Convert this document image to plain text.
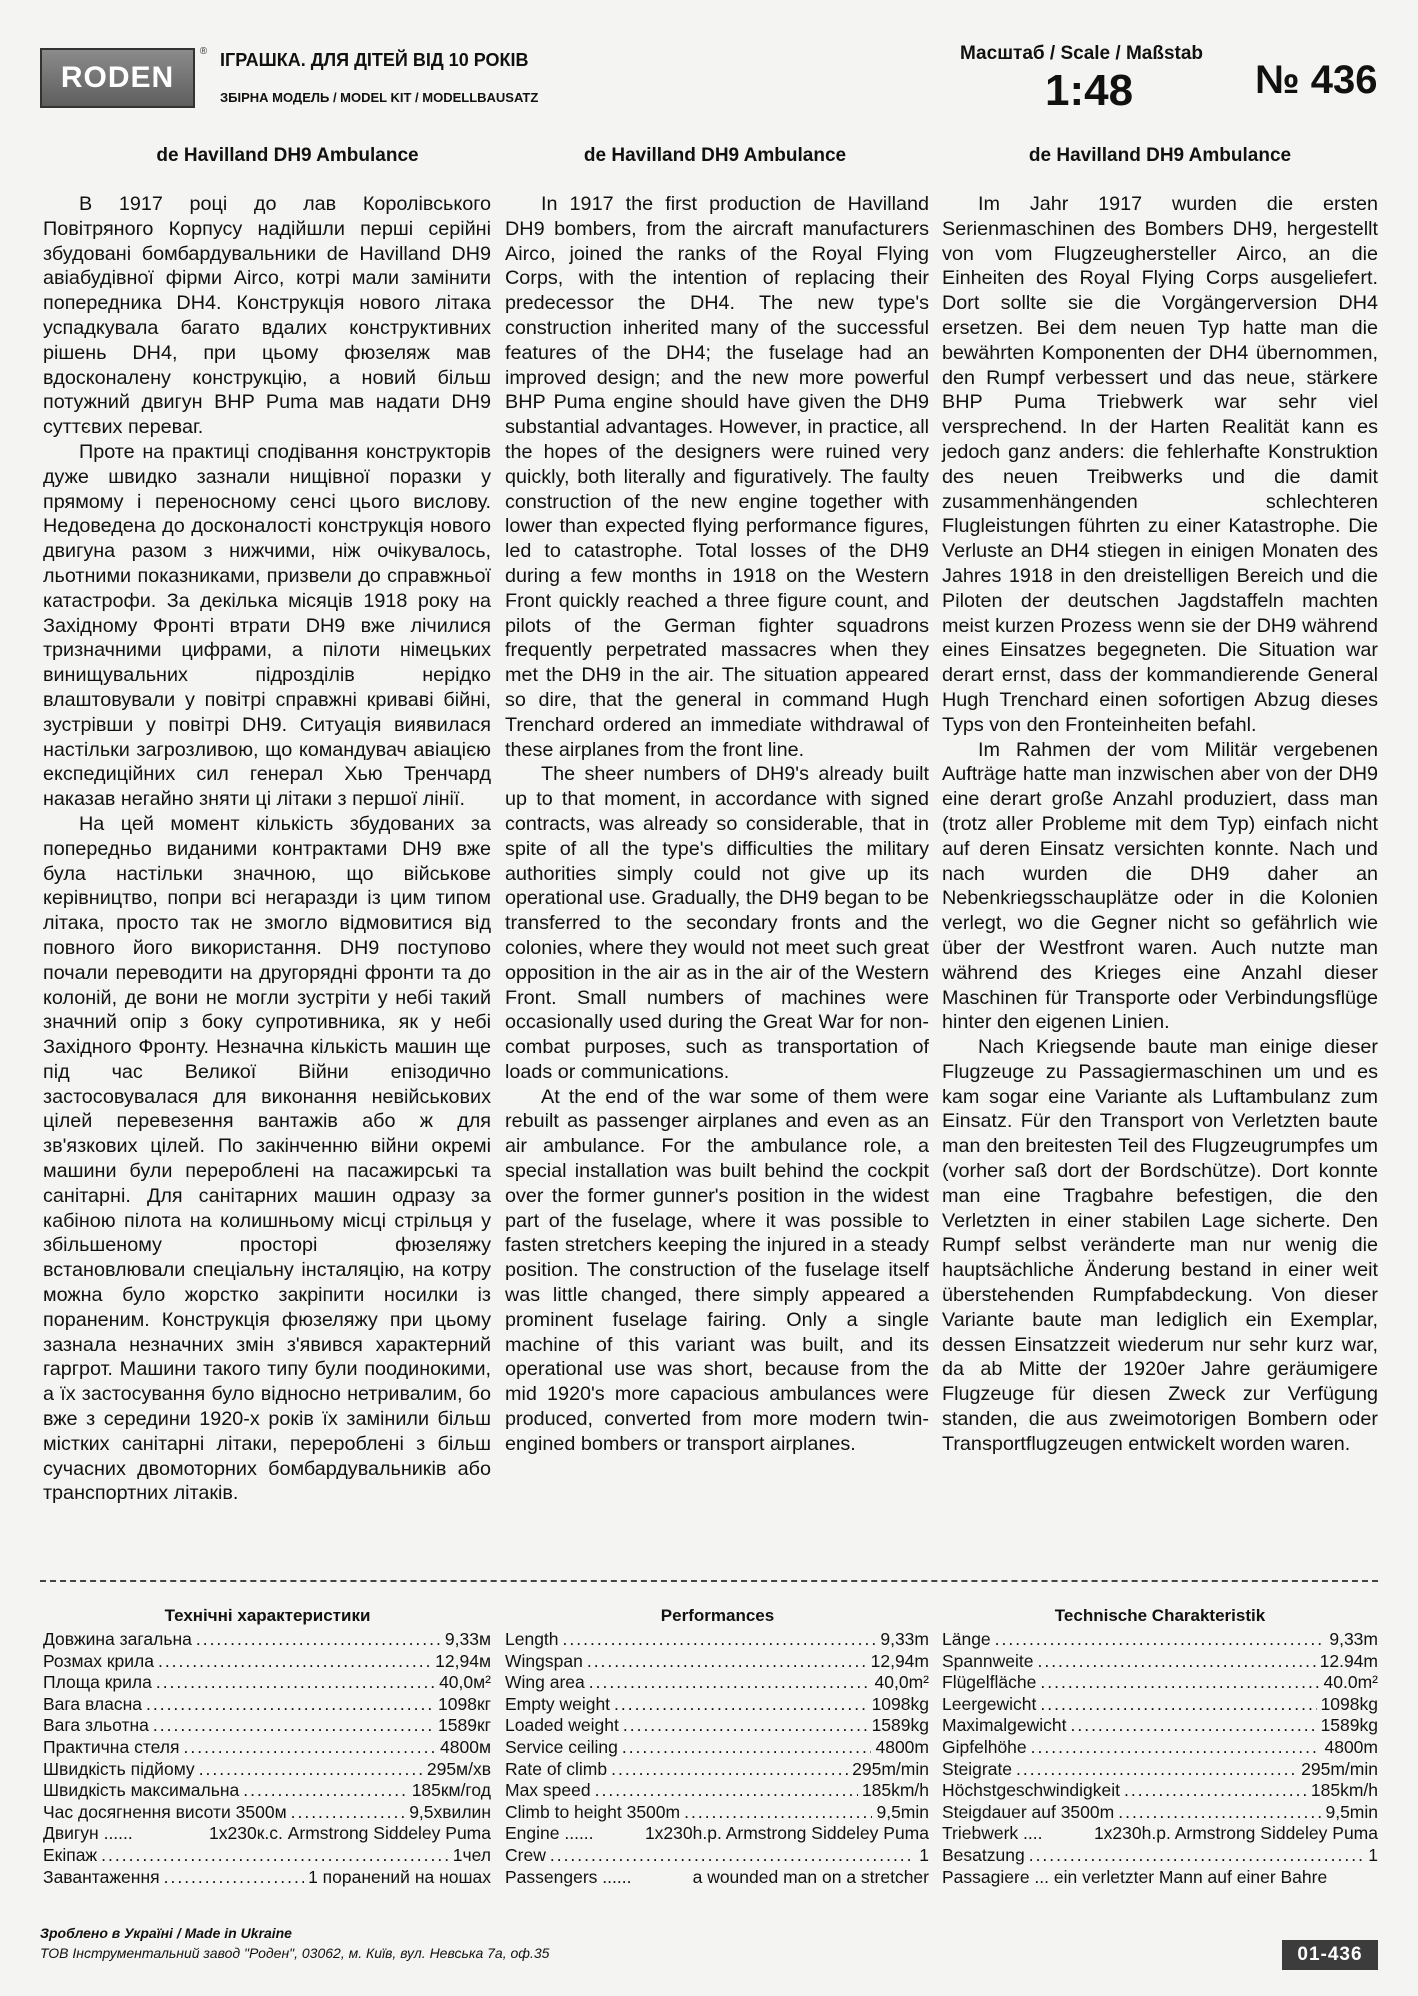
RODEN
® ІГРАШКА. ДЛЯ ДІТЕЙ ВІД 10 РОКІВ
ЗБІРНА МОДЕЛЬ / MODEL KIT / MODELLBAUSATZ
Масштаб / Scale / Maßstab
1:48	№ 436
de Havilland DH9 Ambulance	de Havilland DH9 Ambulance	de Havilland DH9 Ambulance

В 1917 році до лав Королівського Повітряного Корпусу надійшли перші серійні збудовані бомбардувальники de Havilland DH9 авіабудівної фірми Airco, котрі мали замінити попередника DH4. Конструкція нового літака успадкувала багато вдалих конструктивних рішень DH4, при цьому фюзеляж мав вдосконалену конструкцію, а новий більш потужний двигун BHP Puma мав надати DH9 суттєвих переваг.

Проте на практиці сподівання конструкторів дуже швидко зазнали нищівної поразки у прямому і переносному сенсі цього вислову. Недоведена до досконалості конструкція нового двигуна разом з нижчими, ніж очікувалось, льотними показниками, призвели до справжньої катастрофи. За декілька місяців 1918 року на Західному Фронті втрати DH9 вже лічилися тризначними цифрами, а пілоти німецьких винищувальних підрозділів нерідко влаштовували у повітрі справжні криваві бійні, зустрівши у повітрі DH9. Ситуація виявилася настільки загрозливою, що командувач авіацією експедиційних сил генерал Хью Тренчард наказав негайно зняти ці літаки з першої лінії.

На цей момент кількість збудованих за попередньо виданими контрактами DH9 вже була настільки значною, що військове керівництво, попри всі негаразди із цим типом літака, просто так не змогло відмовитися від повного його використання. DH9 поступово почали переводити на другорядні фронти та до колоній, де вони не могли зустріти у небі такий значний опір з боку супротивника, як у небі Західного Фронту. Незначна кількість машин ще під час Великої Війни епізодично застосовувалася для виконання невійськових цілей перевезення вантажів або ж для зв'язкових цілей. По закінченню війни окремі машини були перероблені на пасажирські та санітарні. Для санітарних машин одразу за кабіною пілота на колишньому місці стрільця у збільшеному просторі фюзеляжу встановлювали спеціальну інсталяцію, на котру можна було жорстко закріпити носилки із пораненим. Конструкція фюзеляжу при цьому зазнала незначних змін з'явився характерний гаргрот. Машини такого типу були поодинокими, а їх застосування було відносно нетривалим, бо вже з середини 1920-х років їх замінили більш містких санітарні літаки, перероблені з більш сучасних двомоторних бомбардувальників або транспортних літаків.

In 1917 the first production de Havilland DH9 bombers, from the aircraft manufacturers Airco, joined the ranks of the Royal Flying Corps, with the intention of replacing their predecessor the DH4. The new type's construction inherited many of the successful features of the DH4; the fuselage had an improved design; and the new more powerful BHP Puma engine should have given the DH9 substantial advantages. However, in practice, all the hopes of the designers were ruined very quickly, both literally and figuratively. The faulty construction of the new engine together with lower than expected flying performance figures, led to catastrophe. Total losses of the DH9 during a few months in 1918 on the Western Front quickly reached a three figure count, and pilots of the German fighter squadrons frequently perpetrated massacres when they met the DH9 in the air. The situation appeared so dire, that the general in command Hugh Trenchard ordered an immediate withdrawal of these airplanes from the front line.

The sheer numbers of DH9's already built up to that moment, in accordance with signed contracts, was already so considerable, that in spite of all the type's difficulties the military authorities simply could not give up its operational use. Gradually, the DH9 began to be transferred to the secondary fronts and the colonies, where they would not meet such great opposition in the air as in the air of the Western Front. Small numbers of machines were occasionally used during the Great War for non-combat purposes, such as transportation of loads or communications.

At the end of the war some of them were rebuilt as passenger airplanes and even as an air ambulance. For the ambulance role, a special installation was built behind the cockpit over the former gunner's position in the widest part of the fuselage, where it was possible to fasten stretchers keeping the injured in a steady position. The construction of the fuselage itself was little changed, there simply appeared a prominent fuselage fairing. Only a single machine of this variant was built, and its operational use was short, because from the mid 1920's more capacious ambulances were produced, converted from more modern twin-engined bombers or transport airplanes.

Im Jahr 1917 wurden die ersten Serienmaschinen des Bombers DH9, hergestellt von vom Flugzeughersteller Airco, an die Einheiten des Royal Flying Corps ausgeliefert. Dort sollte sie die Vorgängerversion DH4 ersetzen. Bei dem neuen Typ hatte man die bewährten Komponenten der DH4 übernommen, den Rumpf verbessert und das neue, stärkere BHP Puma Triebwerk war sehr viel versprechend. In der Harten Realität kann es jedoch ganz anders: die fehlerhafte Konstruktion des neuen Treibwerks und die damit zusammenhängenden schlechteren Flugleistungen führten zu einer Katastrophe. Die Verluste an DH4 stiegen in einigen Monaten des Jahres 1918 in den dreistelligen Bereich und die Piloten der deutschen Jagdstaffeln machten meist kurzen Prozess wenn sie der DH9 während eines Einsatzes begegneten. Die Situation war derart ernst, dass der kommandierende General Hugh Trenchard einen sofortigen Abzug dieses Typs von den Fronteinheiten befahl.

Im Rahmen der vom Militär vergebenen Aufträge hatte man inzwischen aber von der DH9 eine derart große Anzahl produziert, dass man (trotz aller Probleme mit dem Typ) einfach nicht auf deren Einsatz versichten konnte. Nach und nach wurden die DH9 daher an Nebenkriegsschauplätze oder in die Kolonien verlegt, wo die Gegner nicht so gefährlich wie über der Westfront waren. Auch nutzte man während des Krieges eine Anzahl dieser Maschinen für Transporte oder Verbindungsflüge hinter den eigenen Linien.

Nach Kriegsende baute man einige dieser Flugzeuge zu Passagiermaschinen um und es kam sogar eine Variante als Luftambulanz zum Einsatz. Für den Transport von Verletzten baute man den breitesten Teil des Flugzeugrumpfes um (vorher saß dort der Bordschütze). Dort konnte man eine Tragbahre befestigen, die den Verletzten in einer stabilen Lage sicherte. Den Rumpf selbst veränderte man nur wenig die hauptsächliche Änderung bestand in einer weit überstehenden Rumpfabdeckung. Von dieser Variante baute man lediglich ein Exemplar, dessen Einsatzzeit wiederum nur sehr kurz war, da ab Mitte der 1920er Jahre geräumigere Flugzeuge für diesen Zweck zur Verfügung standen, die aus zweimotorigen Bombern oder Transportflugzeugen entwickelt worden waren.

Технічні характеристики	Performances	Technische Charakteristik
Довжина загальна .....	9,33м
Розмах крила .....	12,94м
Площа крила .....	40,0м²
Вага власна .....	1098кг
Вага зльотна .....	1589кг
Практична стеля .....	4800м
Швидкість підйому .....	295м/хв
Швидкість максимальна .....	185км/год
Час досягнення висоти 3500м .....	9,5хвилин
Двигун ......	1x230к.с. Armstrong Siddeley Puma
Екіпаж .....	1чел
Завантаження .....	1 поранений на ношах
Length .....	9,33m
Wingspan .....	12,94m
Wing area .....	40,0m²
Empty weight .....	1098kg
Loaded weight .....	1589kg
Service ceiling .....	4800m
Rate of climb .....	295m/min
Max speed .....	185km/h
Climb to height 3500m .....	9,5min
Engine ......	1x230h.p. Armstrong Siddeley Puma
Crew .....	1
Passengers ......	a wounded man on a stretcher
Länge .....	9,33m
Spannweite .....	12.94m
Flügelfläche .....	40.0m²
Leergewicht .....	1098kg
Maximalgewicht .....	1589kg
Gipfelhöhe .....	4800m
Steigrate .....	295m/min
Höchstgeschwindigkeit .....	185km/h
Steigdauer auf 3500m .....	9,5min
Triebwerk ....	1x230h.p. Armstrong Siddeley Puma
Besatzung .....	1
Passagiere ... ein verletzter Mann auf einer Bahre
Зроблено в Україні / Made in Ukraine
ТОВ Інструментальний завод "Роден", 03062, м. Київ, вул. Невська 7а, оф.35	01-436
